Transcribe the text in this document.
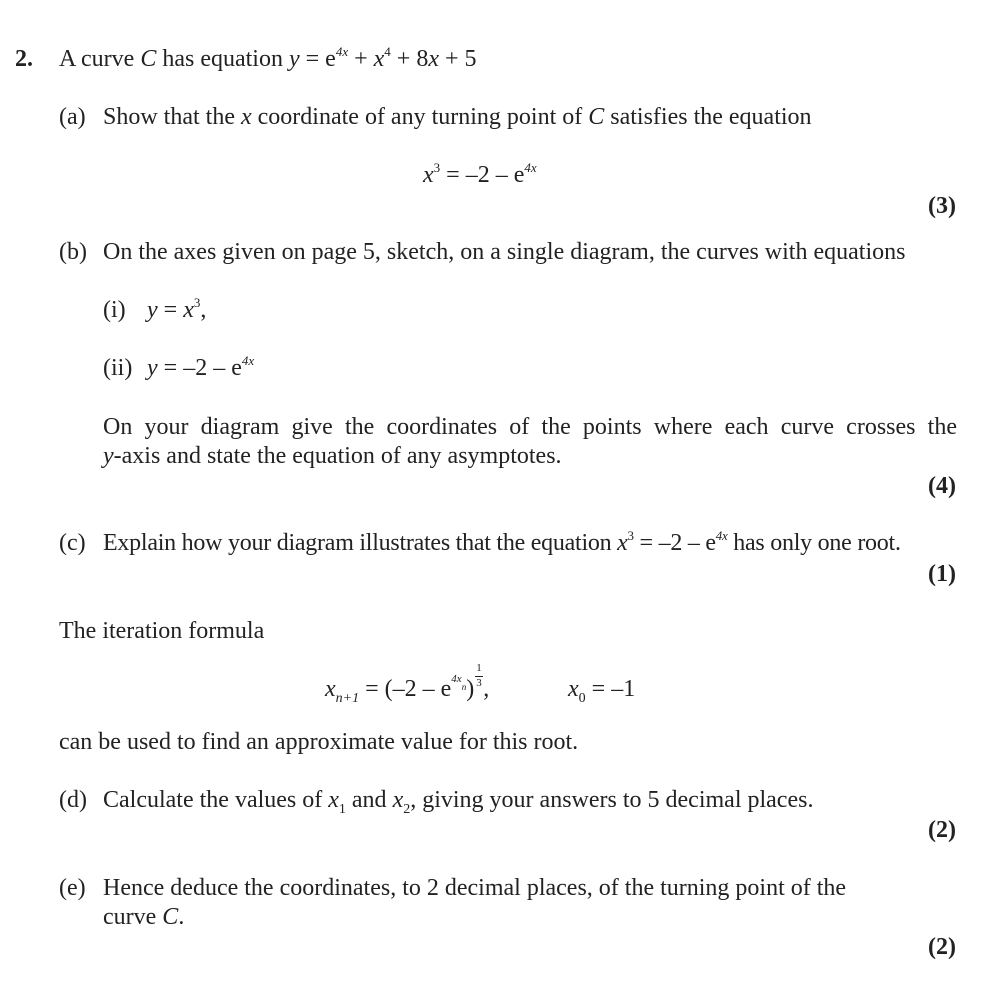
2. A curve C has equation $y = e^{4x} + x^4 + 8x + 5$
(a) Show that the x coordinate of any turning point of C satisfies the equation
$x^3 = -2 - e^{4x}$
(3)
(b) On the axes given on page 5, sketch, on a single diagram, the curves with equations
(i) $y = x^3$,
(ii) $y = -2 - e^{4x}$
On your diagram give the coordinates of the points where each curve crosses the
y-axis and state the equation of any asymptotes.
(4)
(c) Explain how your diagram illustrates that the equation $x^3 = -2 - e^{4x}$ has only one root.
(1)
The iteration formula
$x_{n+1} = (-2 - e^{4xn}) \frac{1}{3}$ ,	$x_0 = -1$
can be used to find an approximate value for this root.
(d) Calculate the values of $x_1$ and $x_2$, giving your answers to 5 decimal places.
(2)
(e) Hence deduce the coordinates, to 2 decimal places, of the turning point of the
curve C.
(2)
